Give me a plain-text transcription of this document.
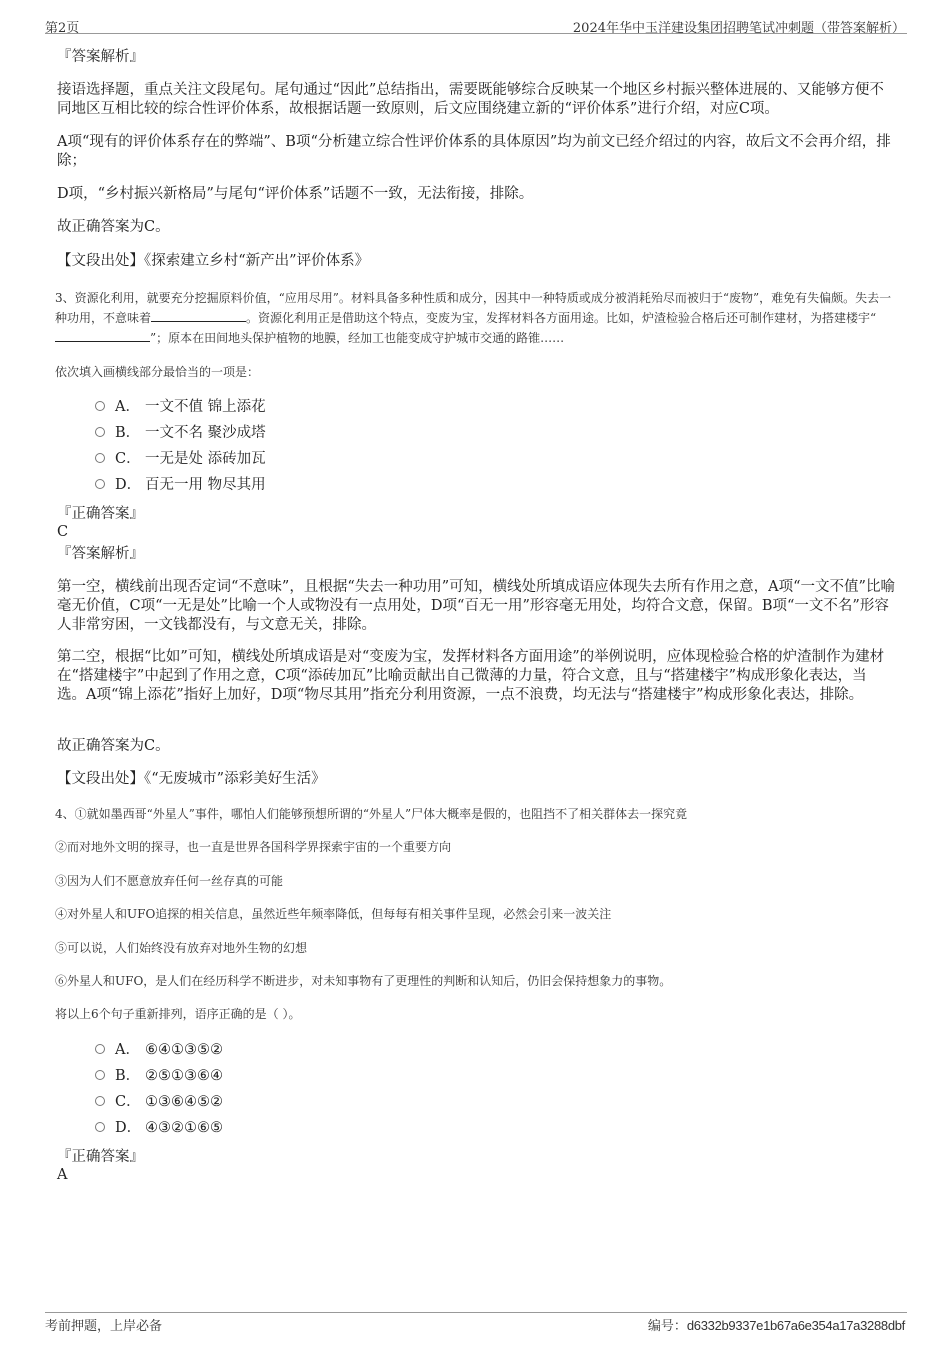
第2页	2024年华中玉洋建设集团招聘笔试冲刺题（带答案解析）
『答案解析』
接语选择题，重点关注文段尾句。尾句通过“因此”总结指出，需要既能够综合反映某一个地区乡村振兴整体进展的、又能够方便不同地区互相比较的综合性评价体系，故根据话题一致原则，后文应围绕建立新的“评价体系”进行介绍，对应C项。
A项“现有的评价体系存在的弊端”、B项“分析建立综合性评价体系的具体原因”均为前文已经介绍过的内容，故后文不会再介绍，排除；
D项，“乡村振兴新格局”与尾句“评价体系”话题不一致，无法衔接，排除。
故正确答案为C。
【文段出处】《探索建立乡村“新产出”评价体系》
3、资源化利用，就要充分挖掘原料价值，“应用尽用”。材料具备多种性质和成分，因其中一种特质或成分被消耗殆尽而被归于“废物”，难免有失偏颇。失去一种功用，不意味着	。资源化利用正是借助这个特点，变废为宝，发挥材料各方面用途。比如，炉渣检验合格后还可制作建材，为搭建楼宇“”；原本在田间地头保护植物的地膜，经加工也能变成守护城市交通的路锥……
依次填入画横线部分最恰当的一项是：
A． 一文不值 锦上添花
B． 一文不名 聚沙成塔
C． 一无是处 添砖加瓦
D． 百无一用 物尽其用
『正确答案』
C
『答案解析』
第一空，横线前出现否定词“不意味”，且根据“失去一种功用”可知，横线处所填成语应体现失去所有作用之意，A项“一文不值”比喻毫无价值，C项“一无是处”比喻一个人或物没有一点用处，D项“百无一用”形容毫无用处，均符合文意，保留。B项“一文不名”形容人非常穷困，一文钱都没有，与文意无关，排除。
第二空，根据“比如”可知，横线处所填成语是对“变废为宝，发挥材料各方面用途”的举例说明，应体现检验合格的炉渣制作为建材在“搭建楼宇”中起到了作用之意，C项“添砖加瓦”比喻贡献出自己微薄的力量，符合文意，且与“搭建楼宇”构成形象化表达，当选。A项“锦上添花”指好上加好，D项“物尽其用”指充分利用资源，一点不浪费，均无法与“搭建楼宇”构成形象化表达，排除。
故正确答案为C。
【文段出处】《“无废城市”添彩美好生活》
4、①就如墨西哥“外星人”事件，哪怕人们能够预想所谓的“外星人”尸体大概率是假的，也阻挡不了相关群体去一探究竟
②而对地外文明的探寻，也一直是世界各国科学界探索宇宙的一个重要方向
③因为人们不愿意放弃任何一丝存真的可能
④对外星人和UFO追探的相关信息，虽然近些年频率降低，但每每有相关事件呈现，必然会引来一波关注
⑤可以说，人们始终没有放弃对地外生物的幻想
⑥外星人和UFO，是人们在经历科学不断进步，对未知事物有了更理性的判断和认知后，仍旧会保持想象力的事物。
将以上6个句子重新排列，语序正确的是（ ）。
A． ⑥④①③⑤②
B． ②⑤①③⑥④
C． ①③⑥④⑤②
D． ④③②①⑥⑤
『正确答案』
A
考前押题，上岸必备	编号：d6332b9337e1b67a6e354a17a3288dbf
